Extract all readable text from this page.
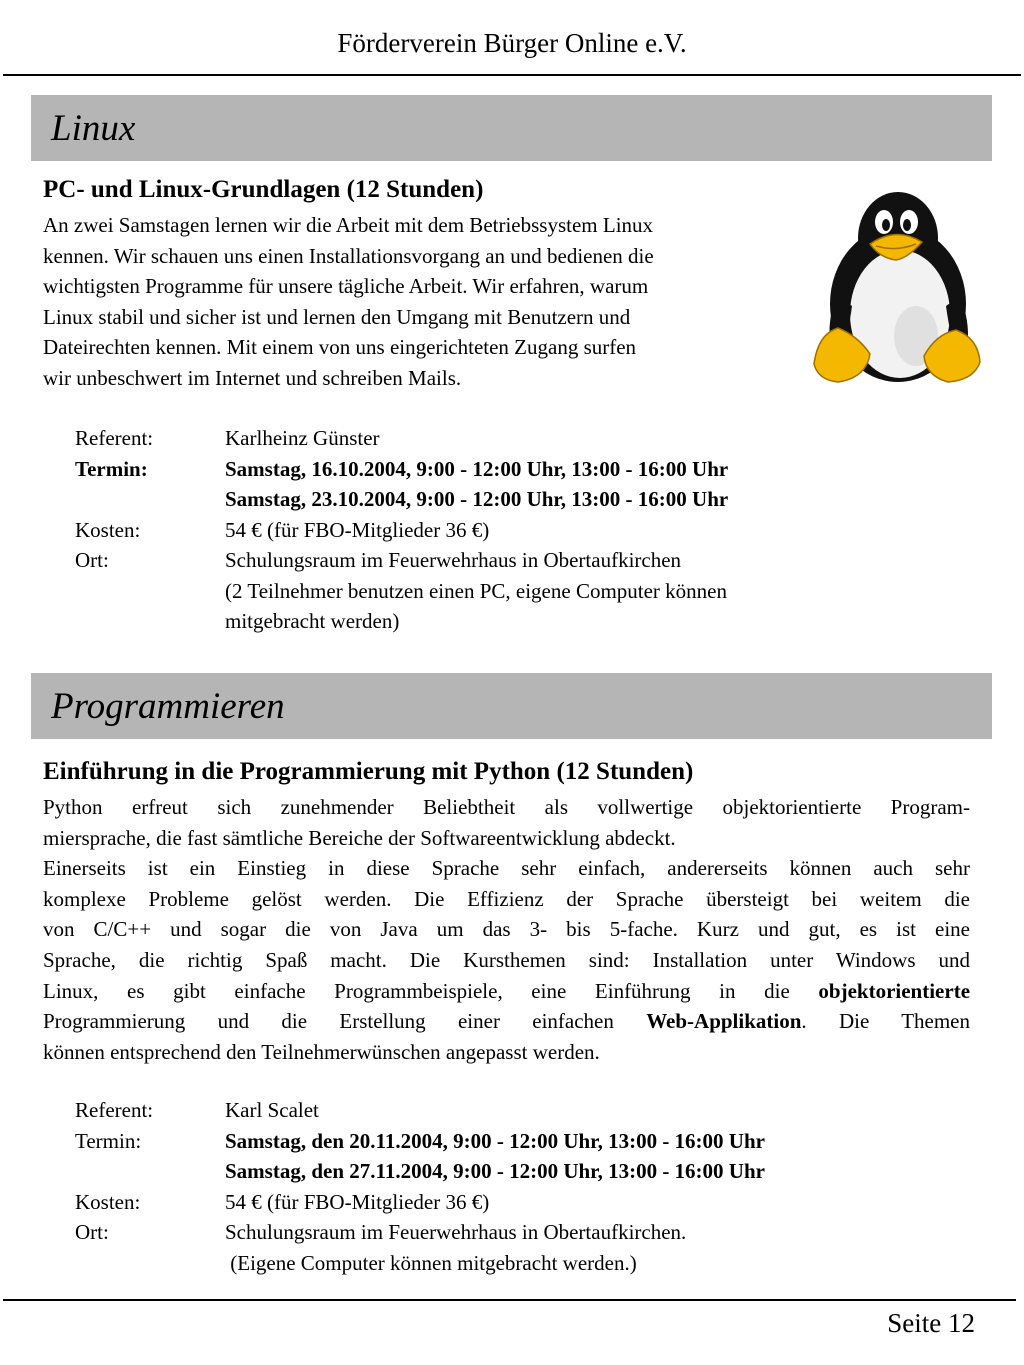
Förderverein Bürger Online e.V.
Linux
PC- und Linux-Grundlagen (12 Stunden)
An zwei Samstagen lernen wir die Arbeit mit dem Betriebssystem Linux
kennen. Wir schauen uns einen Installationsvorgang an und bedienen die
wichtigsten Programme für unsere tägliche Arbeit. Wir erfahren, warum
Linux stabil und sicher ist und lernen den Umgang mit Benutzern und
Dateirechten kennen. Mit einem von uns eingerichteten Zugang surfen
wir unbeschwert im Internet und schreiben Mails.
Referent:	Karlheinz Günster
Termin:	Samstag, 16.10.2004, 9:00 - 12:00 Uhr, 13:00 - 16:00 Uhr
Samstag, 23.10.2004, 9:00 - 12:00 Uhr, 13:00 - 16:00 Uhr
Kosten:	54 € (für FBO-Mitglieder 36 €)
Ort:	Schulungsraum im Feuerwehrhaus in Obertaufkirchen
(2 Teilnehmer benutzen einen PC, eigene Computer können
mitgebracht werden)
Programmieren
Einführung in die Programmierung mit Python (12 Stunden)
Python erfreut sich zunehmender Beliebtheit als vollwertige objektorientierte Program-
miersprache, die fast sämtliche Bereiche der Softwareentwicklung abdeckt.
Einerseits ist ein Einstieg in diese Sprache sehr einfach, andererseits können auch sehr
komplexe Probleme gelöst werden. Die Effizienz der Sprache übersteigt bei weitem die
von C/C++ und sogar die von Java um das 3- bis 5-fache. Kurz und gut, es ist eine
Sprache, die richtig Spaß macht. Die Kursthemen sind: Installation unter Windows und
Linux, es gibt einfache Programmbeispiele, eine Einführung in die objektorientierte
Programmierung und die Erstellung einer einfachen Web-Applikation. Die Themen
können entsprechend den Teilnehmerwünschen angepasst werden.
Referent:	Karl Scalet
Termin:	Samstag, den 20.11.2004, 9:00 - 12:00 Uhr, 13:00 - 16:00 Uhr
Samstag, den 27.11.2004, 9:00 - 12:00 Uhr, 13:00 - 16:00 Uhr
Kosten:	54 € (für FBO-Mitglieder 36 €)
Ort:	Schulungsraum im Feuerwehrhaus in Obertaufkirchen.
(Eigene Computer können mitgebracht werden.)
Seite 12
